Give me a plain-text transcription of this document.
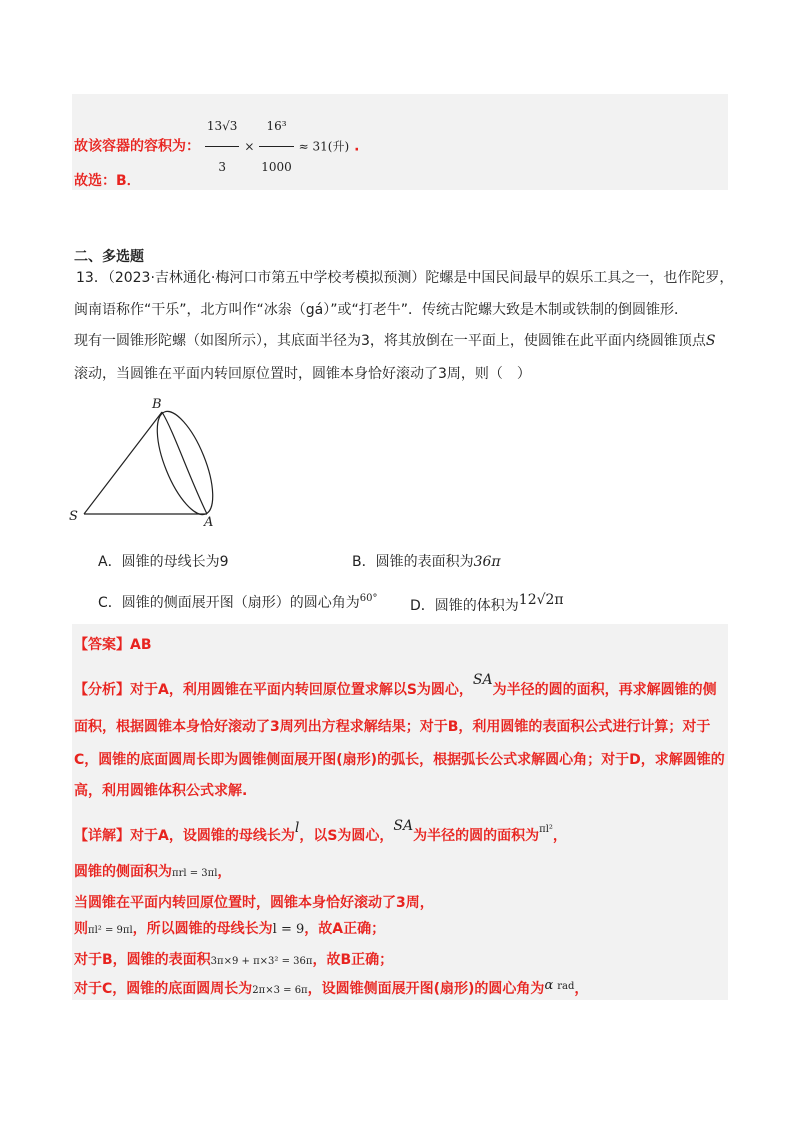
故该容器的容积为： $\frac{13√3}{3} \times \frac{\text{16³}}{1000} \approx 31$(升) .
故选：B．
二、多选题
13．（2023·吉林通化·梅河口市第五中学校考模拟预测）陀螺是中国民间最早的娱乐工具之一，也作陀罗，
闽南语称作“干乐”，北方叫作“冰尜（gá）”或“打老牛”．传统古陀螺大致是木制或铁制的倒圆锥形．
现有一圆锥形陀螺（如图所示），其底面半径为3，将其放倒在一平面上，使圆锥在此平面内绕圆锥顶点S
滚动，当圆锥在平面内转回原位置时，圆锥本身恰好滚动了3周，则（　）
B
S	A
A．圆锥的母线长为9	B．圆锥的表面积为36π
C．圆锥的侧面展开图（扇形）的圆心角为$^{60^\circ}$ D．圆锥的体积为12√2π
【答案】AB
【分析】对于A，利用圆锥在平面内转回原位置求解以S为圆心，SA为半径的圆的面积，再求解圆锥的侧
面积，根据圆锥本身恰好滚动了3周列出方程求解结果；对于B，利用圆锥的表面积公式进行计算；对于
C，圆锥的底面圆周长即为圆锥侧面展开图(扇形)的弧长，根据弧长公式求解圆心角；对于D，求解圆锥的
高，利用圆锥体积公式求解.
【详解】对于A，设圆锥的母线长为l，以S为圆心，SA为半径的圆的面积为$^{\pi l^2}$，
圆锥的侧面积为πrl = 3πl，
当圆锥在平面内转回原位置时，圆锥本身恰好滚动了3周，
则πl² = 9πl，所以圆锥的母线长为l = 9，故A正确；
对于B，圆锥的表面积3π×9 + π×3² = 36π，故B正确；
对于C，圆锥的底面圆周长为2π×3 = 6π，设圆锥侧面展开图(扇形)的圆心角为α $^{rad}$，
